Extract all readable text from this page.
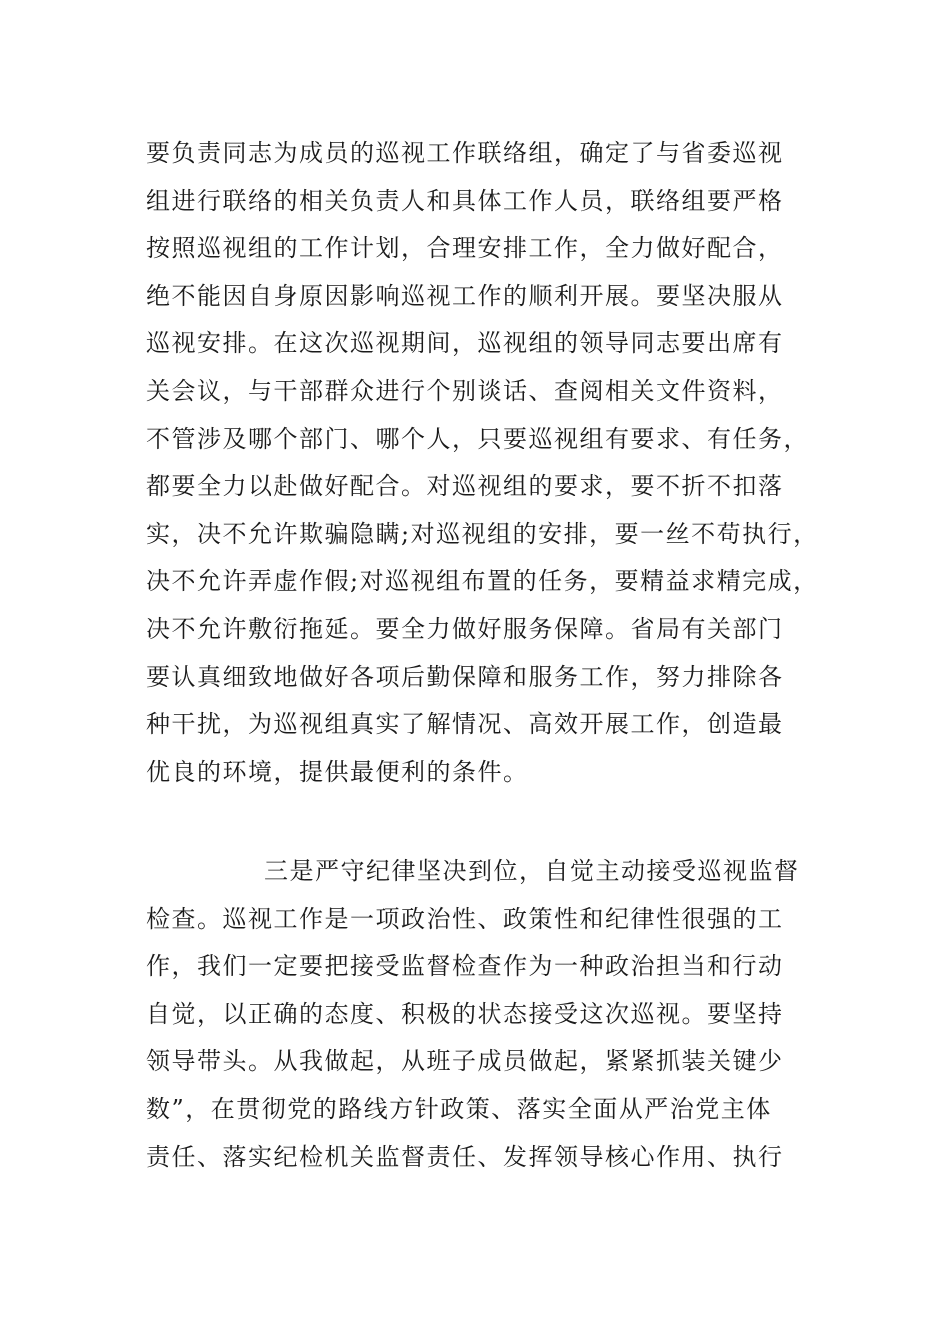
要负责同志为成员的巡视工作联络组，确定了与省委巡视
组进行联络的相关负责人和具体工作人员，联络组要严格
按照巡视组的工作计划，合理安排工作，全力做好配合，
绝不能因自身原因影响巡视工作的顺利开展。要坚决服从
巡视安排。在这次巡视期间，巡视组的领导同志要出席有
关会议，与干部群众进行个别谈话、查阅相关文件资料，
不管涉及哪个部门、哪个人，只要巡视组有要求、有任务，
都要全力以赴做好配合。对巡视组的要求，要不折不扣落
实，决不允许欺骗隐瞒;对巡视组的安排，要一丝不苟执行，
决不允许弄虚作假;对巡视组布置的任务，要精益求精完成，
决不允许敷衍拖延。要全力做好服务保障。省局有关部门
要认真细致地做好各项后勤保障和服务工作，努力排除各
种干扰，为巡视组真实了解情况、高效开展工作，创造最
优良的环境，提供最便利的条件。
三是严守纪律坚决到位，自觉主动接受巡视监督
检查。巡视工作是一项政治性、政策性和纪律性很强的工
作，我们一定要把接受监督检查作为一种政治担当和行动
自觉，以正确的态度、积极的状态接受这次巡视。要坚持
领导带头。从我做起，从班子成员做起，紧紧抓装关键少
数”，在贯彻党的路线方针政策、落实全面从严治党主体
责任、落实纪检机关监督责任、发挥领导核心作用、执行
